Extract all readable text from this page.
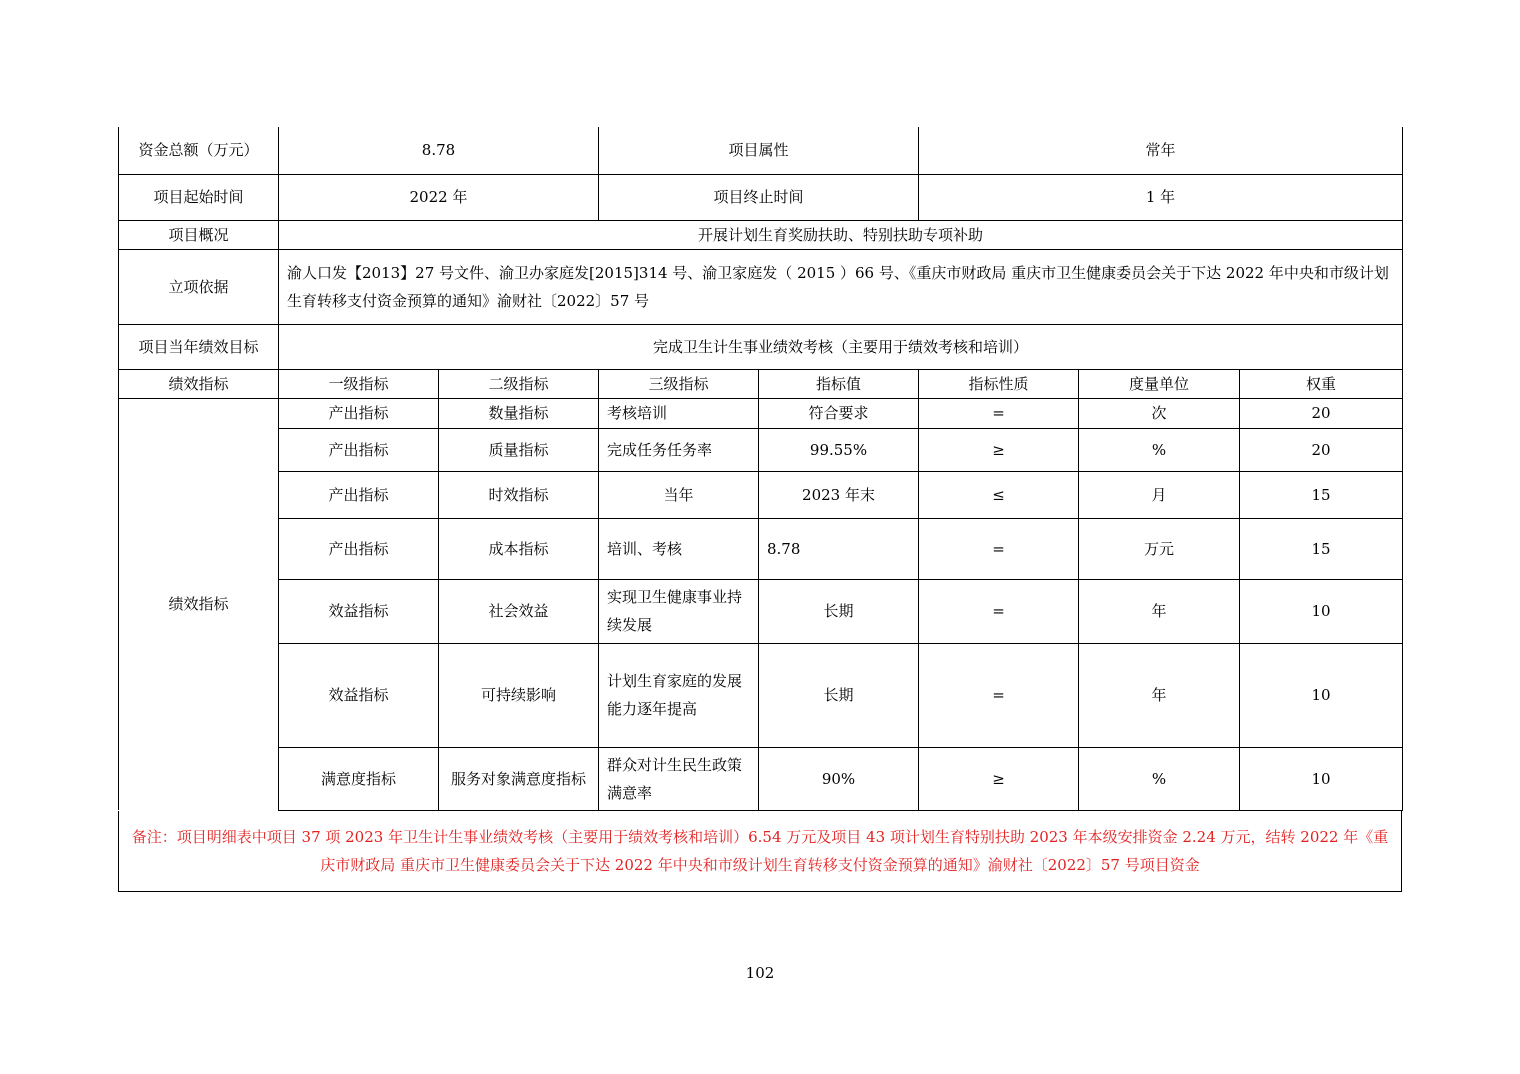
资金总额（万元）	8.78		项目属性		常年		
项目起始时间	2022 年		项目终止时间		1 年		
项目概况	开展计划生育奖励扶助、特别扶助专项补助						
立项依据	渝人口发【2013】27 号文件、渝卫办家庭发[2015]314 号、渝卫家庭发（ 2015 ）66 号、《重庆市财政局 重庆市卫生健康委员会关于下达 2022 年中央和市级计划生育转移支付资金预算的通知》渝财社〔2022〕57 号						
项目当年绩效目标	完成卫生计生事业绩效考核（主要用于绩效考核和培训）						
绩效指标	一级指标	二级指标	三级指标	指标值	指标性质	度量单位	权重
绩效指标	产出指标	数量指标	考核培训	符合要求	=	次	20
	产出指标	质量指标	完成任务任务率	99.55%	≥	%	20
	产出指标	时效指标	当年	2023 年末	≤	月	15
	产出指标	成本指标	培训、考核	8.78	=	万元	15
	效益指标	社会效益	实现卫生健康事业持续发展	长期	=	年	10
	效益指标	可持续影响	计划生育家庭的发展能力逐年提高	长期	=	年	10
	满意度指标	服务对象满意度指标	群众对计生民生政策满意率	90%	≥	%	10
备注：项目明细表中项目 37 项 2023 年卫生计生事业绩效考核（主要用于绩效考核和培训）6.54 万元及项目 43 项计划生育特别扶助 2023 年本级安排资金 2.24 万元，结转 2022 年《重庆市财政局 重庆市卫生健康委员会关于下达 2022 年中央和市级计划生育转移支付资金预算的通知》渝财社〔2022〕57 号项目资金
102
